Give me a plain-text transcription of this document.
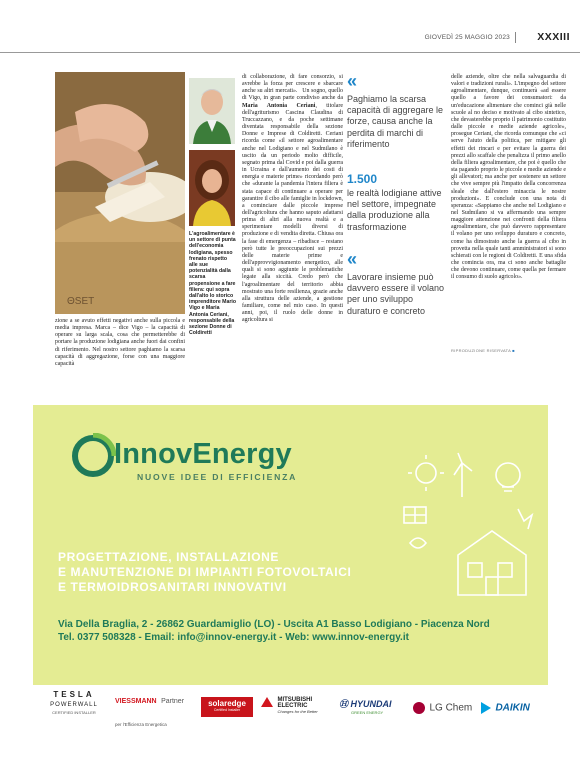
GIOVEDÌ 25 MAGGIO 2023	XXXIII
ΘSET
L'agroalimentare è un settore di punta dell'economia lodigiana, spesso frenato rispetto alle sue potenzialità dalla scarsa propensione a fare filiera: qui sopra dall'alto lo storico imprenditore Mario Vigo e Maria Antonia Ceriani, responsabile della sezione Donne di Coldiretti
zione a se avuto effetti negativi anche sulla piccola e media impresa. Marca – dice Vigo – la capacità di operare su larga scala, cosa che permetterebbe di portare la produzione lodigiana anche fuori dai confini di riferimento. Nel nostro settore paghiamo la scarsa capacità di aggregazione, forse con una maggiore capacità
di collaborazione, di fare consorzio, si avrebbe la forza per crescere e sbarcare anche su altri mercati». Un sogno, quello di Vigo, in gran parte condiviso anche da Maria Antonia Ceriani, titolare dell'agriturismo Cascina Claudina di Truccazzano, e da poche settimane diventata responsabile della sezione Donne e Imprese di Coldiretti. Ceriani ricorda come «il settore agroalimentare anche nel Lodigiano e nel Sudmilano è uscito da un periodo molto difficile, segnato prima dal Covid e poi dalla guerra in Ucraina e dall'aumento dei costi di energia e materie prime» ricordando però che «durante la pandemia l'intera filiera è stata capace di continuare a operare per garantire il cibo alle famiglie in lockdown, a cominciare dalle piccole imprese dell'agricoltura che hanno saputo adattarsi prima di altri alla nuova realtà e a sperimentare modelli diversi di produzione e di vendita diretta. Chiusa ora la fase di emergenza – ribadisce – restano però tutte le preoccupazioni sui prezzi delle materie prime e dell'approvvigionamento energetico, alle quali si sono aggiunte le problematiche legate alla siccità. Credo però che l'agroalimentare del territorio abbia mostrato una forte resilienza, grazie anche alla struttura delle aziende, a gestione familiare, come nel mio caso. In questi anni, poi, il ruolo delle donne in agricoltura si
«
Paghiamo la scarsa capacità di aggregare le forze, causa anche la perdita di marchi di riferimento
1.500
le realtà lodigiane attive nel settore, impegnate dalla produzione alla trasformazione
«
Lavorare insieme può davvero essere il volano per uno sviluppo duraturo e concreto
delle aziende, oltre che nella salvaguardia di valori e tradizioni rurali». L'impegno del settore agroalimentare, dunque, continuerà «ad essere quello a favore dei consumatori: da un'educazione alimentare che cominci già nelle scuole al no deciso e motivato al cibo sintetico, che devasterebbe proprio il patrimonio costituito dalle piccole e medie aziende agricole», prosegue Ceriani, che ricorda comunque che «ci serve l'aiuto della politica, per mitigare gli effetti dei rincari e per evitare la guerra dei prezzi allo scaffale che penalizza il primo anello della filiera agroalimentare, che poi è quello che sta pagando proprio le piccole e medie aziende e gli allevatori; ma anche per sostenere un settore che vive sempre più l'impatto della concorrenza sleale che dall'estero minaccia le nostre produzioni». E conclude con una nota di speranza: «Sappiamo che anche nel Lodigiano e nel Sudmilano si va affermando una sempre maggiore attenzione nei confronti della filiera agroalimentare, che può davvero rappresentare il volano per uno sviluppo duraturo e concreto, come ha dimostrato anche la guerra al cibo in provetta nella quale tanti amministratori si sono schierati con le regioni di Coldiretti. E una sfida che comincia ora, ma ci sono anche battaglie che devono continuare, come quella per fermare il consumo di suolo agricolo».
RIPRODUZIONE RISERVATA ■
InnovEnergy
NUOVE IDEE DI EFFICIENZA
PROGETTAZIONE, INSTALLAZIONE
E MANUTENZIONE DI IMPIANTI FOTOVOLTAICI
E TERMOIDROSANITARI INNOVATIVI
Via Della Braglia, 2 - 26862 Guardamiglio (LO) - Uscita A1 Basso Lodigiano - Piacenza Nord
Tel. 0377 508328 - Email: info@innov-energy.it - Web: www.innov-energy.it
TESLA
POWERWALL
CERTIFIED INSTALLER
VIESSMANN Partner
per l'Efficienza Energetica
solaredge
Certified Installer

MITSUBISHI
ELECTRIC
Changes for the Better
Ⓗ HYUNDAI
GREEN ENERGY	LG Chem	DAIKIN
